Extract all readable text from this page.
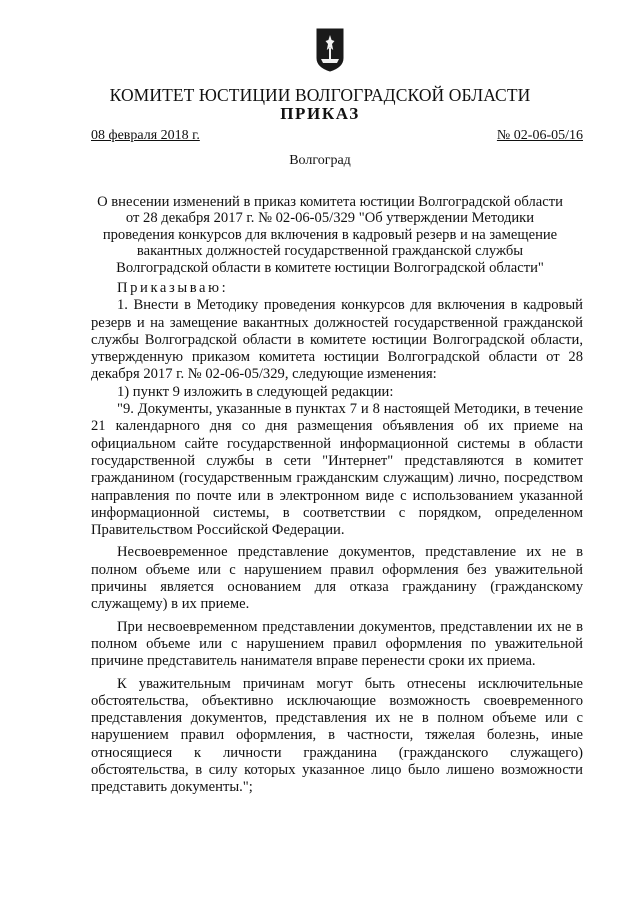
КОМИТЕТ ЮСТИЦИИ ВОЛГОГРАДСКОЙ ОБЛАСТИ
ПРИКАЗ
08 февраля 2018 г.	№ 02-06-05/16
Волгоград
О внесении изменений в приказ комитета юстиции Волгоградской области
от 28 декабря 2017 г. № 02-06-05/329 "Об утверждении Методики
проведения конкурсов для включения в кадровый резерв и на замещение
вакантных должностей государственной гражданской службы
Волгоградской области в комитете юстиции Волгоградской области"

Приказываю:

1. Внести в Методику проведения конкурсов для включения в кадровый резерв и на замещение вакантных должностей государственной гражданской службы Волгоградской области в комитете юстиции Волгоградской области, утвержденную приказом комитета юстиции Волгоградской области от 28 декабря 2017 г. № 02-06-05/329, следующие изменения:

1) пункт 9 изложить в следующей редакции:

"9. Документы, указанные в пунктах 7 и 8 настоящей Методики, в течение 21 календарного дня со дня размещения объявления об их приеме на официальном сайте государственной информационной системы в области государственной службы в сети "Интернет" представляются в комитет гражданином (государственным гражданским служащим) лично, посредством направления по почте или в электронном виде с использованием указанной информационной системы, в соответствии с порядком, определенном Правительством Российской Федерации.

Несвоевременное представление документов, представление их не в полном объеме или с нарушением правил оформления без уважительной причины является основанием для отказа гражданину (гражданскому служащему) в их приеме.

При несвоевременном представлении документов, представлении их не в полном объеме или с нарушением правил оформления по уважительной причине представитель нанимателя вправе перенести сроки их приема.

К уважительным причинам могут быть отнесены исключительные обстоятельства, объективно исключающие возможность своевременного представления документов, представления их не в полном объеме или с нарушением правил оформления, в частности, тяжелая болезнь, иные относящиеся к личности гражданина (гражданского служащего) обстоятельства, в силу которых указанное лицо было лишено возможности представить документы.";
